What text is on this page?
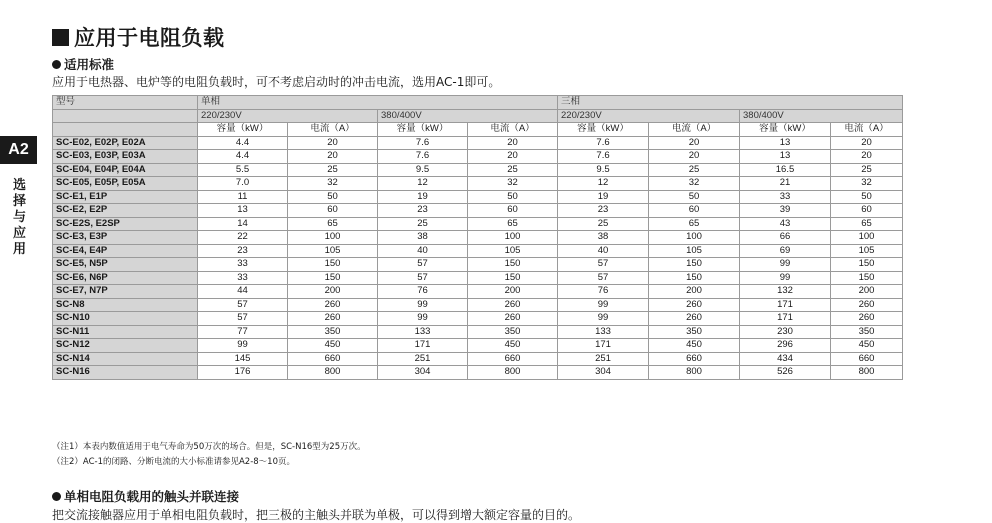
A2
选择与应用
应用于电阻负载
适用标准
应用于电热器、电炉等的电阻负载时，可不考虑启动时的冲击电流，选用AC-1即可。
型号	单相				三相			
	220/230V		380/400V		220/230V		380/400V	
	容量（kW）	电流（A）	容量（kW）	电流（A）	容量（kW）	电流（A）	容量（kW）	电流（A）
SC-E02, E02P, E02A	4.4	20	7.6	20	7.6	20	13	20
SC-E03, E03P, E03A	4.4	20	7.6	20	7.6	20	13	20
SC-E04, E04P, E04A	5.5	25	9.5	25	9.5	25	16.5	25
SC-E05, E05P, E05A	7.0	32	12	32	12	32	21	32
SC-E1, E1P	11	50	19	50	19	50	33	50
SC-E2, E2P	13	60	23	60	23	60	39	60
SC-E2S, E2SP	14	65	25	65	25	65	43	65
SC-E3, E3P	22	100	38	100	38	100	66	100
SC-E4, E4P	23	105	40	105	40	105	69	105
SC-E5, N5P	33	150	57	150	57	150	99	150
SC-E6, N6P	33	150	57	150	57	150	99	150
SC-E7, N7P	44	200	76	200	76	200	132	200
SC-N8	57	260	99	260	99	260	171	260
SC-N10	57	260	99	260	99	260	171	260
SC-N11	77	350	133	350	133	350	230	350
SC-N12	99	450	171	450	171	450	296	450
SC-N14	145	660	251	660	251	660	434	660
SC-N16	176	800	304	800	304	800	526	800
（注1）本表内数值适用于电气寿命为50万次的场合。但是，SC-N16型为25万次。
（注2）AC-1的闭路、分断电流的大小标准请参见A2-8～10页。
单相电阻负载用的触头并联连接
把交流接触器应用于单相电阻负载时，把三极的主触头并联为单极，可以得到增大额定容量的目的。
